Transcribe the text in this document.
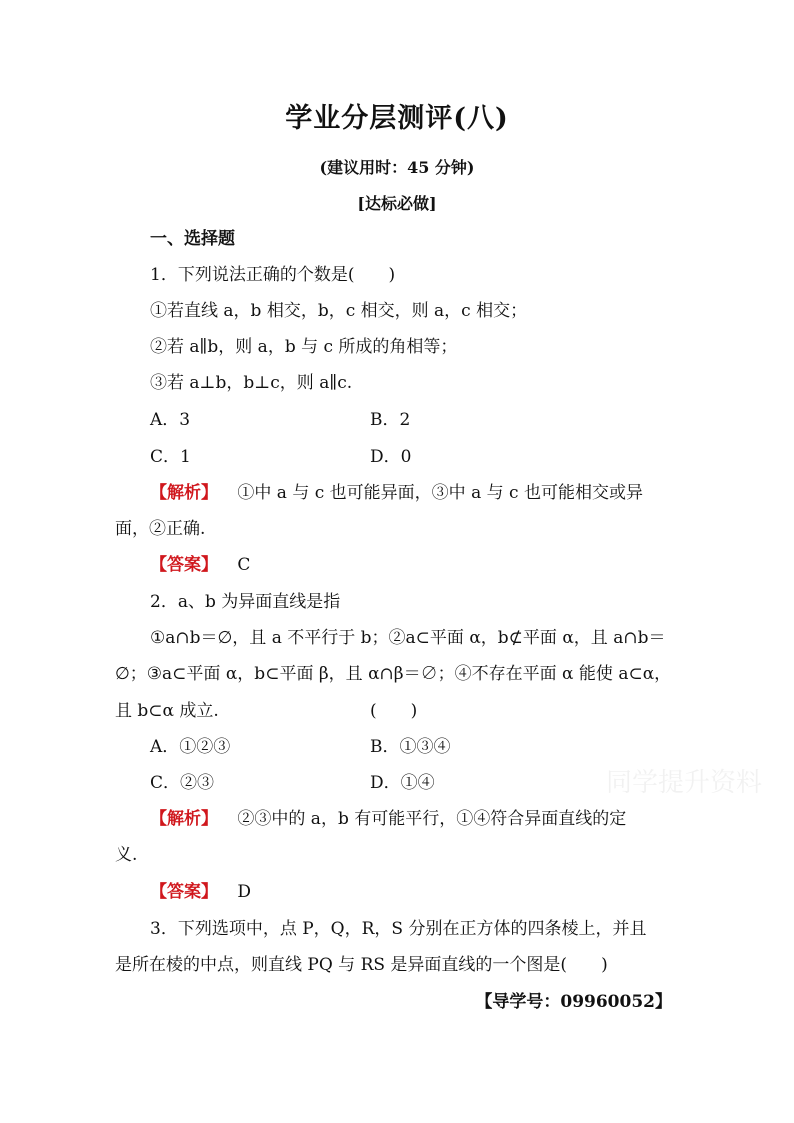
学业分层测评(八)
(建议用时：45 分钟)
[达标必做]
一、选择题
1．下列说法正确的个数是(　　)
①若直线 a，b 相交，b，c 相交，则 a，c 相交；
②若 a∥b，则 a，b 与 c 所成的角相等；
③若 a⊥b，b⊥c，则 a∥c.
A．3	B．2
C．1	D．0
【解析】 ①中 a 与 c 也可能异面，③中 a 与 c 也可能相交或异
面，②正确.
【答案】 C
2．a、b 为异面直线是指
①a∩b＝∅，且 a 不平行于 b；②a⊂平面 α，b⊄平面 α，且 a∩b＝
∅；③a⊂平面 α，b⊂平面 β，且 α∩β＝∅；④不存在平面 α 能使 a⊂α，
且 b⊂α 成立.	(　　)
A．①②③	B．①③④
C．②③	D．①④
【解析】 ②③中的 a，b 有可能平行，①④符合异面直线的定
义.
【答案】 D
3．下列选项中，点 P，Q，R，S 分别在正方体的四条棱上，并且
是所在棱的中点，则直线 PQ 与 RS 是异面直线的一个图是(　　)
【导学号：09960052】
同学提升资料
